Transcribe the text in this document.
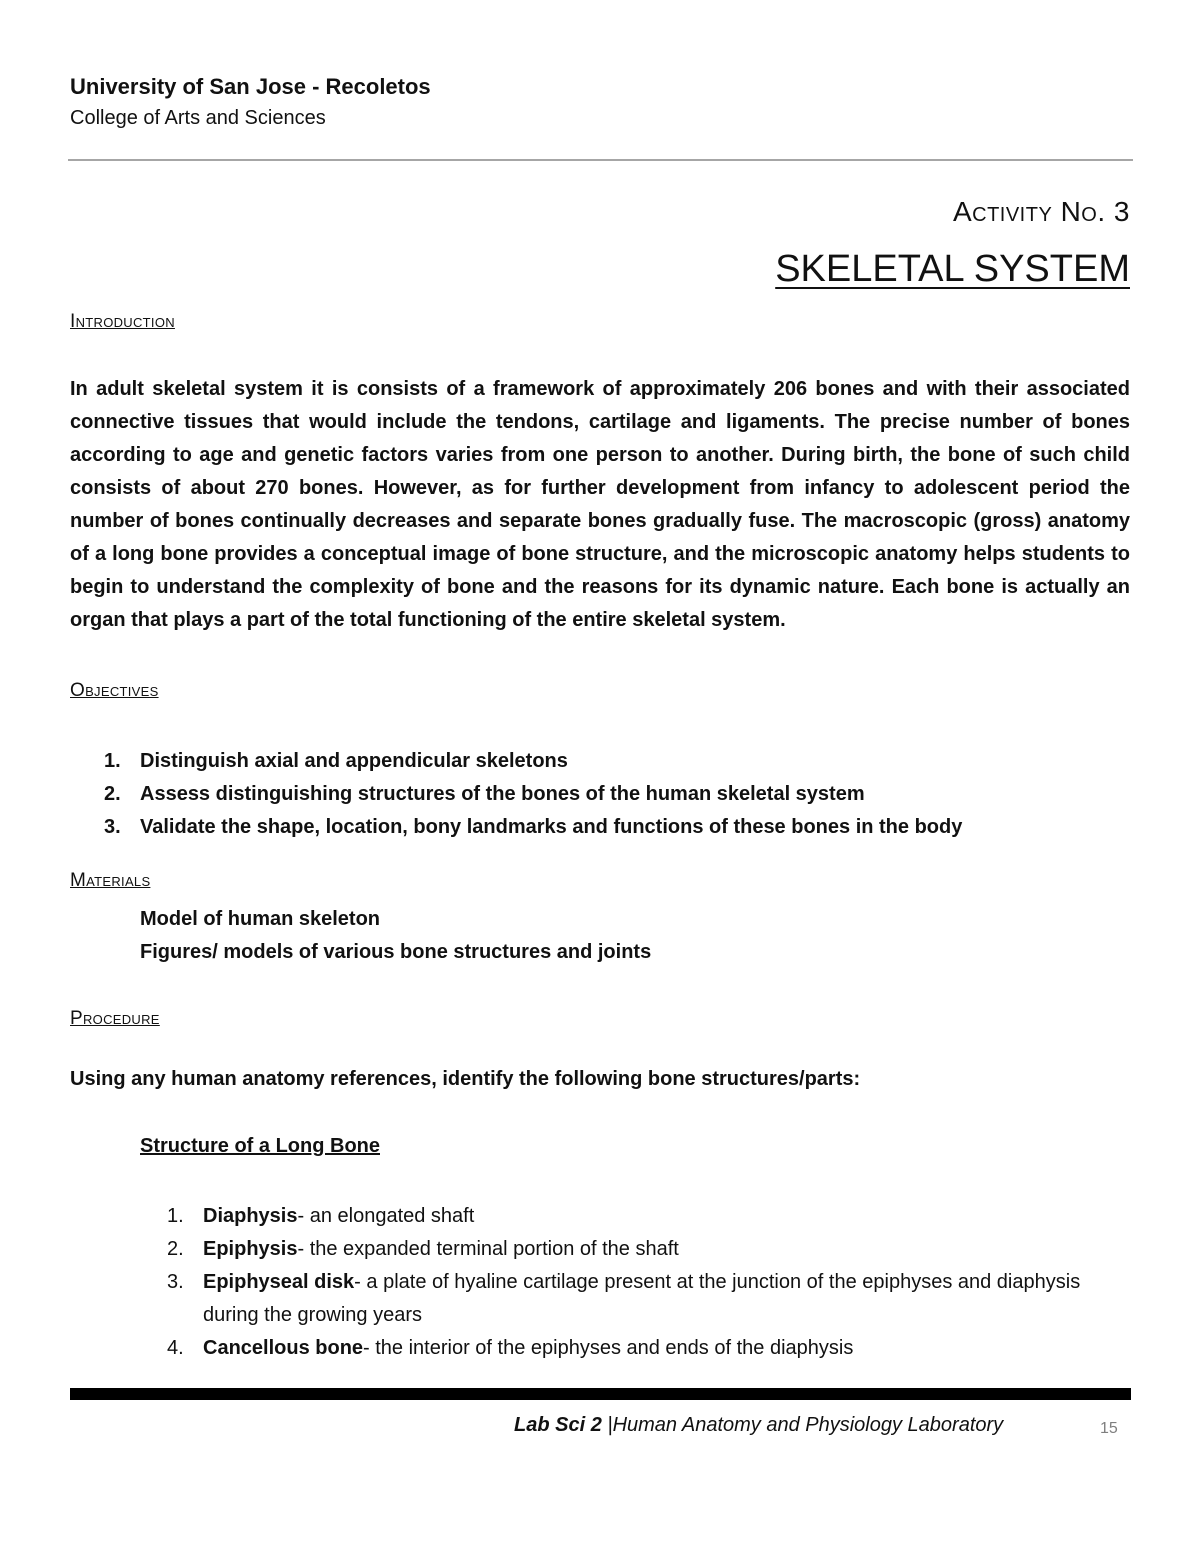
University of San Jose - Recoletos
College of Arts and Sciences
Activity No. 3
SKELETAL SYSTEM
Introduction
In adult skeletal system it is consists of a framework of approximately 206 bones and with their associated connective tissues that would include the tendons, cartilage and ligaments. The precise number of bones according to age and genetic factors varies from one person to another. During birth, the bone of such child consists of about 270 bones. However, as for further development from infancy to adolescent period the number of bones continually decreases and separate bones gradually fuse. The macroscopic (gross) anatomy of a long bone provides a conceptual image of bone structure, and the microscopic anatomy helps students to begin to understand the complexity of bone and the reasons for its dynamic nature. Each bone is actually an organ that plays a part of the total functioning of the entire skeletal system.
Objectives
1. Distinguish axial and appendicular skeletons
2. Assess distinguishing structures of the bones of the human skeletal system
3. Validate the shape, location, bony landmarks and functions of these bones in the body
Materials
Model of human skeleton
Figures/ models of various bone structures and joints
Procedure
Using any human anatomy references, identify the following bone structures/parts:
Structure of a Long Bone
1. Diaphysis- an elongated shaft
2. Epiphysis- the expanded terminal portion of the shaft
3. Epiphyseal disk- a plate of hyaline cartilage present at the junction of the epiphyses and diaphysis during the growing years
4. Cancellous bone- the interior of the epiphyses and ends of the diaphysis
Lab Sci 2 |Human Anatomy and Physiology Laboratory	15
